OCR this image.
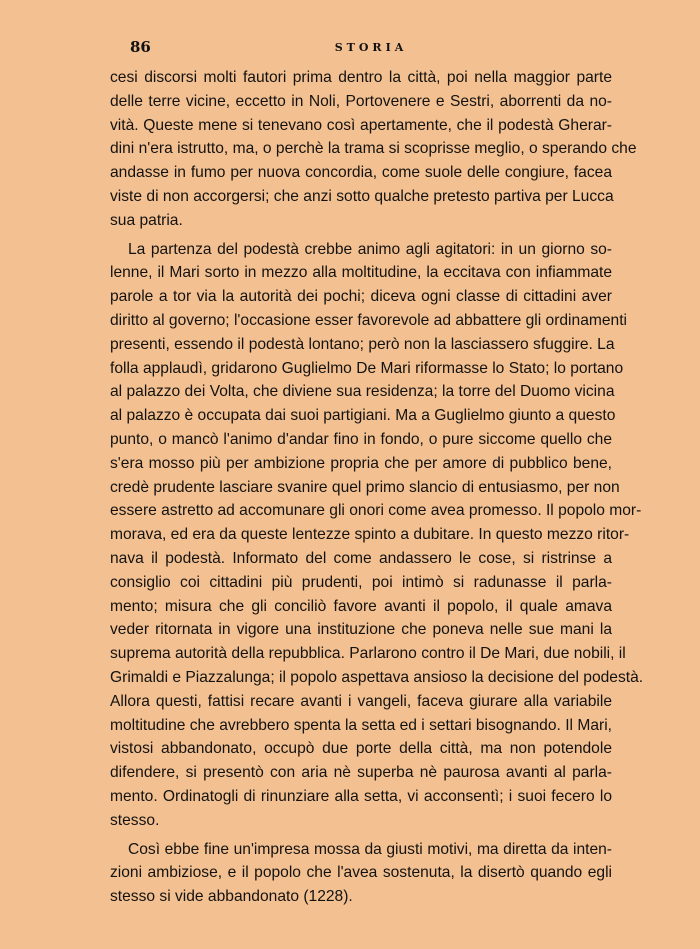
86	STORIA
cesi discorsi molti fautori prima dentro la città, poi nella maggior parte
delle terre vicine, eccetto in Noli, Portovenere e Sestri, aborrenti da no-
vità. Queste mene si tenevano così apertamente, che il podestà Gherar-
dini n'era istrutto, ma, o perchè la trama si scoprisse meglio, o sperando che
andasse in fumo per nuova concordia, come suole delle congiure, facea
viste di non accorgersi; che anzi sotto qualche pretesto partiva per Lucca
sua patria.
La partenza del podestà crebbe animo agli agitatori: in un giorno so-
lenne, il Mari sorto in mezzo alla moltitudine, la eccitava con infiammate
parole a tor via la autorità dei pochi; diceva ogni classe di cittadini aver
diritto al governo; l'occasione esser favorevole ad abbattere gli ordinamenti
presenti, essendo il podestà lontano; però non la lasciassero sfuggire. La
folla applaudì, gridarono Guglielmo De Mari riformasse lo Stato; lo portano
al palazzo dei Volta, che diviene sua residenza; la torre del Duomo vicina
al palazzo è occupata dai suoi partigiani. Ma a Guglielmo giunto a questo
punto, o mancò l'animo d'andar fino in fondo, o pure siccome quello che
s'era mosso più per ambizione propria che per amore di pubblico bene,
credè prudente lasciare svanire quel primo slancio di entusiasmo, per non
essere astretto ad accomunare gli onori come avea promesso. Il popolo mor-
morava, ed era da queste lentezze spinto a dubitare. In questo mezzo ritor-
nava il podestà. Informato del come andassero le cose, si ristrinse a
consiglio coi cittadini più prudenti, poi intimò si radunasse il parla-
mento; misura che gli conciliò favore avanti il popolo, il quale amava
veder ritornata in vigore una instituzione che poneva nelle sue mani la
suprema autorità della repubblica. Parlarono contro il De Mari, due nobili, il
Grimaldi e Piazzalunga; il popolo aspettava ansioso la decisione del podestà.
Allora questi, fattisi recare avanti i vangeli, faceva giurare alla variabile
moltitudine che avrebbero spenta la setta ed i settari bisognando. Il Mari,
vistosi abbandonato, occupò due porte della città, ma non potendole
difendere, si presentò con aria nè superba nè paurosa avanti al parla-
mento. Ordinatogli di rinunziare alla setta, vi acconsentì; i suoi fecero lo
stesso.
Così ebbe fine un'impresa mossa da giusti motivi, ma diretta da inten-
zioni ambiziose, e il popolo che l'avea sostenuta, la disertò quando egli
stesso si vide abbandonato (1228).
